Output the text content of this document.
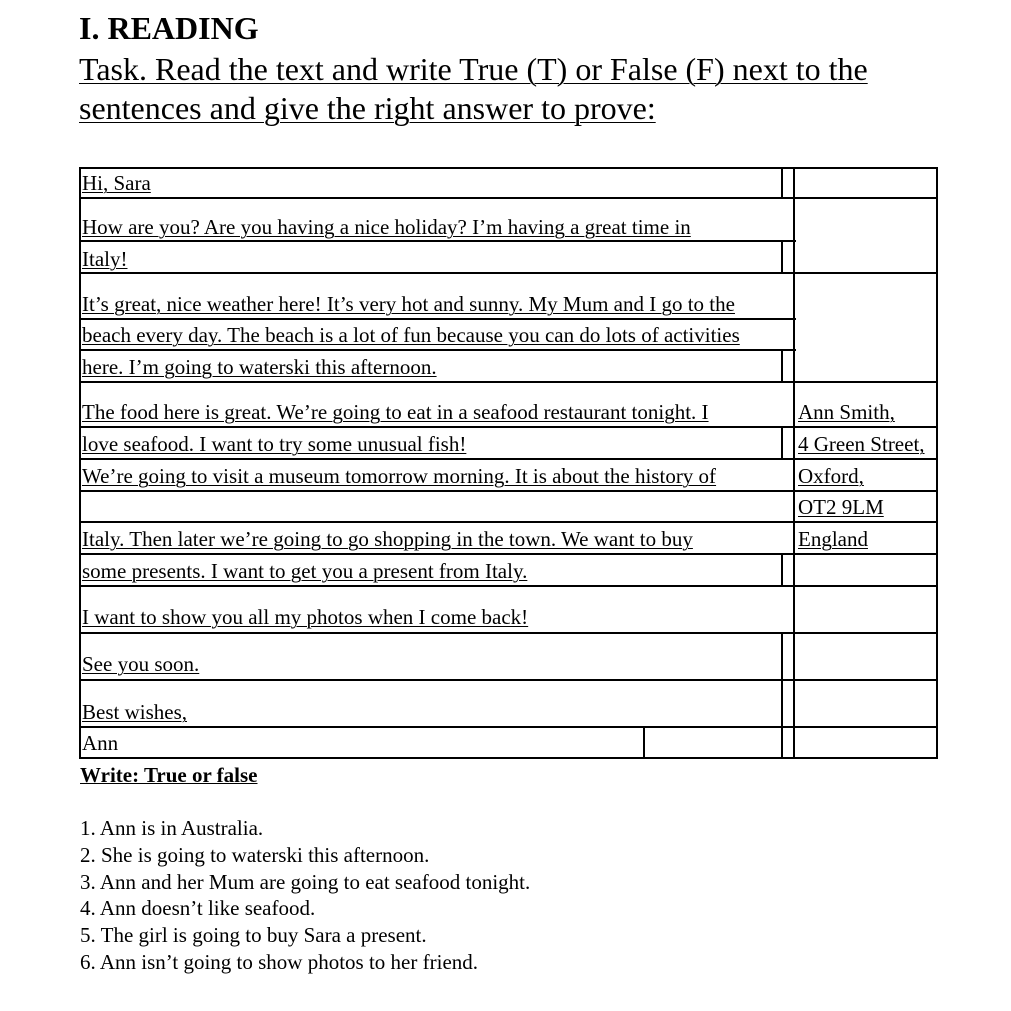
I. READING

Task. Read the text and write True (T) or False (F) next to the sentences and give the right answer to prove:

Hi, Sara

How are you? Are you having a nice holiday? I’m having a great time in

Italy!

It’s great, nice weather here! It’s very hot and sunny. My Mum and I go to the

beach every day. The beach is a lot of fun because you can do lots of activities

here. I’m going to waterski this afternoon.

The food here is great. We’re going to eat in a seafood restaurant tonight. I

love seafood. I want to try some unusual fish!

We’re going to visit a museum tomorrow morning. It is about the history of

Italy. Then later we’re going to go shopping in the town. We want to buy

some presents. I want to get you a present from Italy.

I want to show you all my photos when I come back!

See you soon.

Best wishes,

Ann

Ann Smith,

4 Green Street,

Oxford,

OT2 9LM

England

Write: True or false

1. Ann is in Australia.
2. She is going to waterski this afternoon.
3. Ann and her Mum are going to eat seafood tonight.
4. Ann doesn’t like seafood.
5. The girl is going to buy Sara a present.
6. Ann isn’t going to show photos to her friend.
